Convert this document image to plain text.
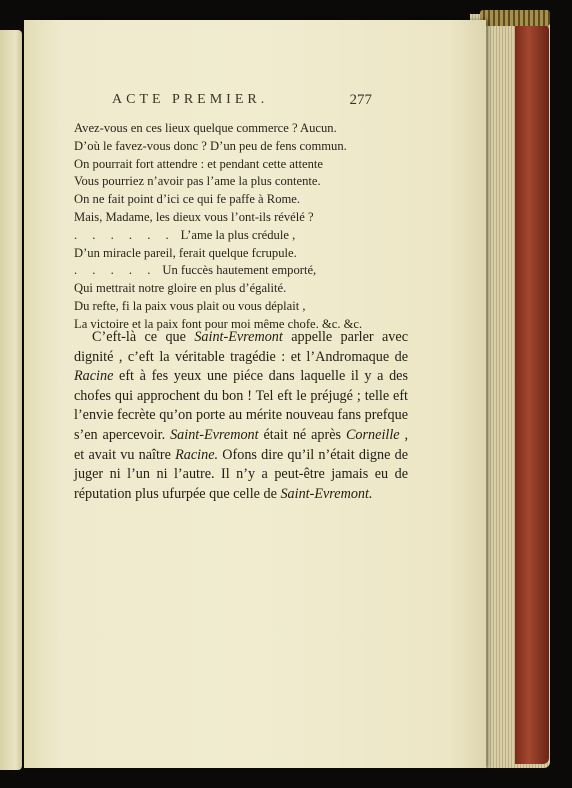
ACTE PREMIER.	277
Avez-vous en ces lieux quelque commerce ? Aucun.
D’où le favez-vous donc ? D’un peu de fens commun.
On pourrait fort attendre : et pendant cette attente
Vous pourriez n’avoir pas l’ame la plus contente.
On ne fait point d’ici ce qui fe paffe à Rome.
Mais, Madame, les dieux vous l’ont-ils révélé ?
. . . . . . L’ame la plus crédule ,
D’un miracle pareil, ferait quelque fcrupule.
. . . . . Un fuccès hautement emporté,
Qui mettrait notre gloire en plus d’égalité.
Du refte, fi la paix vous plait ou vous déplait ,
La victoire et la paix font pour moi même chofe. &c. &c.

C’eft-là ce que Saint-Evremont appelle parler avec dignité , c’eft la véritable tragédie : et l’Andromaque de Racine eft à fes yeux une piéce dans laquelle il y a des chofes qui approchent du bon ! Tel eft le préjugé ; telle eft l’envie fecrète qu’on porte au mérite nouveau fans prefque s’en apercevoir. Saint-Evremont était né après Corneille , et avait vu naître Racine. Ofons dire qu’il n’était digne de juger ni l’un ni l’autre. Il n’y a peut-être jamais eu de réputation plus ufurpée que celle de Saint-Evremont.
